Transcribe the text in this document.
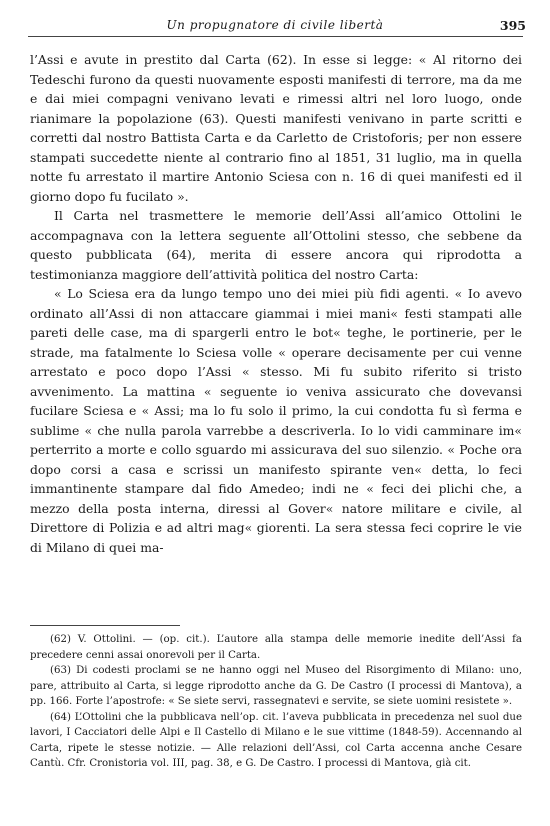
Un propugnatore di civile libertà	395

l’Assi e avute in prestito dal Carta (62). In esse si legge: « Al ritorno dei Tedeschi furono da questi nuovamente esposti manifesti di terrore, ma da me e dai miei compagni venivano levati e rimessi altri nel loro luogo, onde rianimare la popolazione (63). Questi manifesti venivano in parte scritti e corretti dal nostro Battista Carta e da Carletto de Cristoforis; per non essere stampati succedette niente al contrario fino al 1851, 31 luglio, ma in quella notte fu arrestato il martire Antonio Sciesa con n. 16 di quei manifesti ed il giorno dopo fu fucilato ».

Il Carta nel trasmettere le memorie dell’Assi all’amico Ottolini le accompagnava con la lettera seguente all’Ottolini stesso, che sebbene da questo pubblicata (64), merita di essere ancora qui riprodotta a testimonianza maggiore dell’attività politica del nostro Carta:

« Lo Sciesa era da lungo tempo uno dei miei più fidi agenti. « Io avevo ordinato all’Assi di non attaccare giammai i miei mani« festi stampati alle pareti delle case, ma di spargerli entro le bot« teghe, le portinerie, per le strade, ma fatalmente lo Sciesa volle « operare decisamente per cui venne arrestato e poco dopo l’Assi « stesso. Mi fu subito riferito si tristo avvenimento. La mattina « seguente io veniva assicurato che dovevansi fucilare Sciesa e « Assi; ma lo fu solo il primo, la cui condotta fu sì ferma e sublime « che nulla parola varrebbe a descriverla. Io lo vidi camminare im« perterrito a morte e collo sguardo mi assicurava del suo silenzio. « Poche ora dopo corsi a casa e scrissi un manifesto spirante ven« detta, lo feci immantinente stampare dal fido Amedeo; indi ne « feci dei plichi che, a mezzo della posta interna, diressi al Gover« natore militare e civile, al Direttore di Polizia e ad altri mag« giorenti. La sera stessa feci coprire le vie di Milano di quei ma-

(62) V. Ottolini. — (op. cit.). L’autore alla stampa delle memorie inedite dell’Assi fa precedere cenni assai onorevoli per il Carta.

(63) Di codesti proclami se ne hanno oggi nel Museo del Risorgimento di Milano: uno, pare, attribuito al Carta, si legge riprodotto anche da G. De Castro (I processi di Mantova), a pp. 166. Forte l’apostrofe: « Se siete servi, rassegnatevi e servite, se siete uomini resistete ».

(64) L’Ottolini che la pubblicava nell’op. cit. l’aveva pubblicata in precedenza nel suol due lavori, I Cacciatori delle Alpi e Il Castello di Milano e le sue vittime (1848-59). Accennando al Carta, ripete le stesse notizie. — Alle relazioni dell’Assi, col Carta accenna anche Cesare Cantù. Cfr. Cronistoria vol. III, pag. 38, e G. De Castro. I processi di Mantova, già cit.
